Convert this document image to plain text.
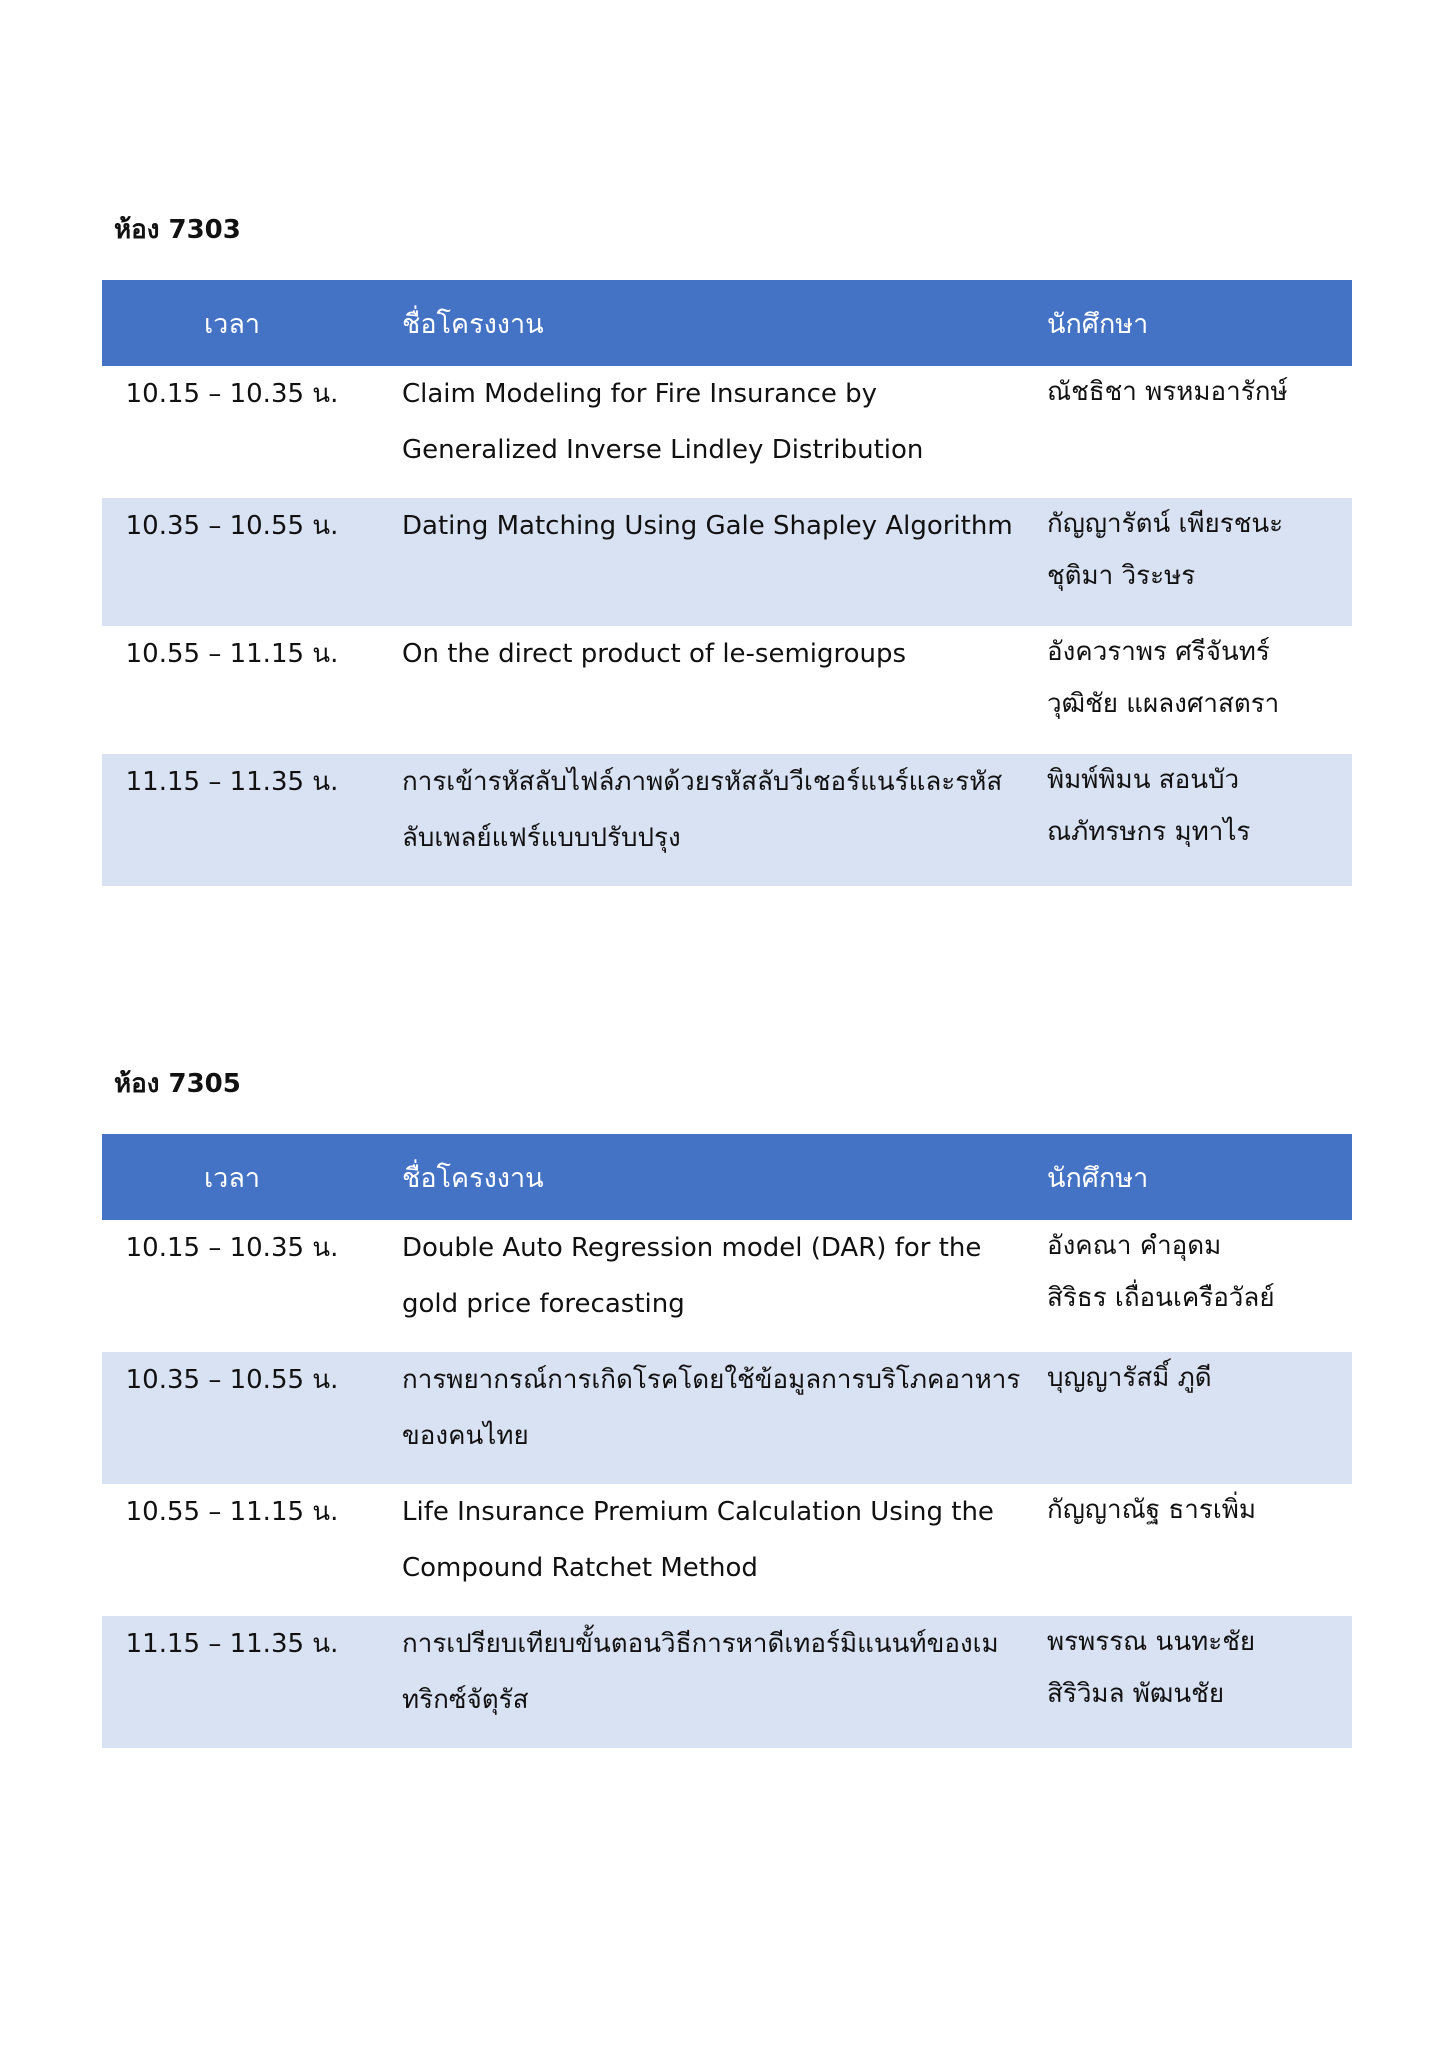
ห้อง 7303
เวลา	ชื่อโครงงาน	นักศึกษา
10.15 – 10.35 น.	Claim Modeling for Fire Insurance by Generalized Inverse Lindley Distribution	ณัชธิชา พรหมอารักษ์

10.35 – 10.55 น.	Dating Matching Using Gale Shapley Algorithm	กัญญารัตน์ เพียรชนะ
ชุติมา วิระษร

10.55 – 11.15 น.	On the direct product of le-semigroups	อังควราพร ศรีจันทร์
วุฒิชัย แผลงศาสตรา

11.15 – 11.35 น.	การเข้ารหัสลับไฟล์ภาพด้วยรหัสลับวีเชอร์แนร์และรหัสลับเพลย์แฟร์แบบปรับปรุง	พิมพ์พิมน สอนบัว
ณภัทรษกร มุทาไร
ห้อง 7305
เวลา	ชื่อโครงงาน	นักศึกษา
10.15 – 10.35 น.	Double Auto Regression model (DAR) for the gold price forecasting	อังคณา คำอุดม
สิริธร เถื่อนเครือวัลย์

10.35 – 10.55 น.	การพยากรณ์การเกิดโรคโดยใช้ข้อมูลการบริโภคอาหารของคนไทย	บุญญารัสมิ์ ภูดี

10.55 – 11.15 น.	Life Insurance Premium Calculation Using the Compound Ratchet Method	กัญญาณัฐ ธารเพิ่ม

11.15 – 11.35 น.	การเปรียบเทียบขั้นตอนวิธีการหาดีเทอร์มิแนนท์ของเมทริกซ์จัตุรัส	พรพรรณ นนทะชัย
สิริวิมล พัฒนชัย
